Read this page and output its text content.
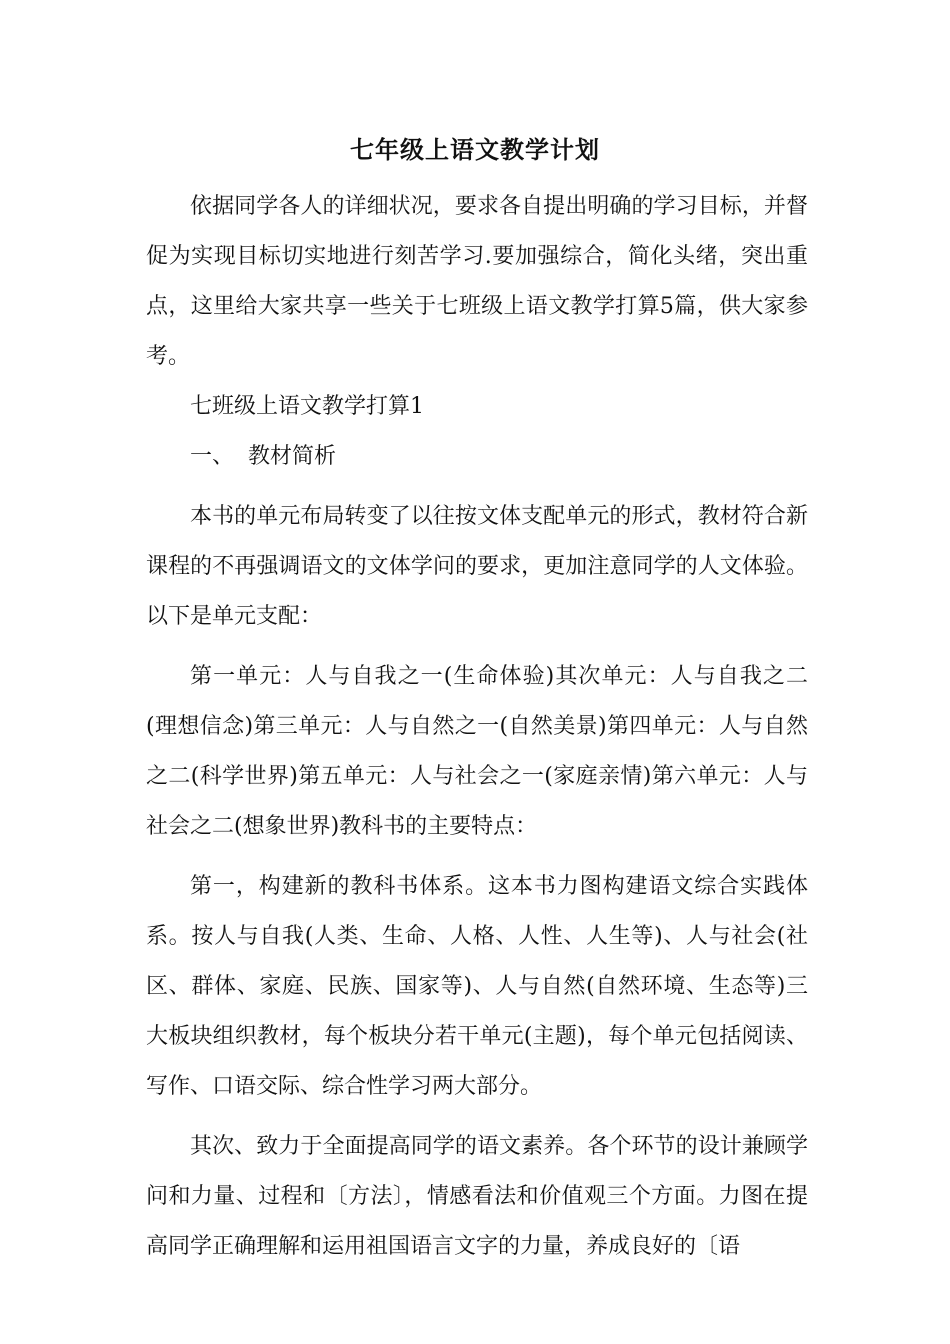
七年级上语文教学计划

依据同学各人的详细状况，要求各自提出明确的学习目标，并督促为实现目标切实地进行刻苦学习.要加强综合，简化头绪，突出重点，这里给大家共享一些关于七班级上语文教学打算5篇，供大家参考。

七班级上语文教学打算1

一、  教材简析

本书的单元布局转变了以往按文体支配单元的形式，教材符合新课程的不再强调语文的文体学问的要求，更加注意同学的人文体验。以下是单元支配：

第一单元：人与自我之一(生命体验)其次单元：人与自我之二(理想信念)第三单元：人与自然之一(自然美景)第四单元：人与自然之二(科学世界)第五单元：人与社会之一(家庭亲情)第六单元：人与社会之二(想象世界)教科书的主要特点：

第一，构建新的教科书体系。这本书力图构建语文综合实践体系。按人与自我(人类、生命、人格、人性、人生等)、人与社会(社区、群体、家庭、民族、国家等)、人与自然(自然环境、生态等)三大板块组织教材，每个板块分若干单元(主题)，每个单元包括阅读、写作、口语交际、综合性学习两大部分。

其次、致力于全面提高同学的语文素养。各个环节的设计兼顾学问和力量、过程和〔方法〕，情感看法和价值观三个方面。力图在提高同学正确理解和运用祖国语言文字的力量，养成良好的〔语
